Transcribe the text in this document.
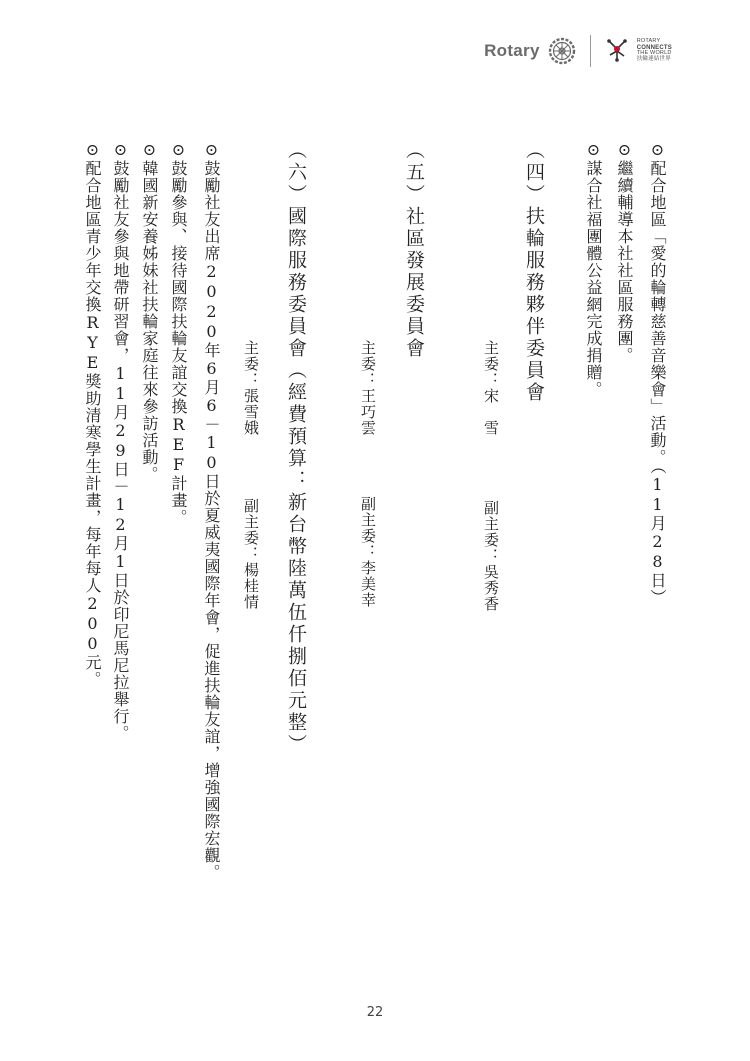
Rotary	ROTARY
CONNECTS
THE WORLD
扶輪連結世界
⊙配合地區「愛的輪轉慈善音樂會」活動。（11月28日）
⊙繼續輔導本社社區服務團。
⊙謀合社福團體公益網完成捐贈。
（四）扶輪服務夥伴委員會
主委：宋　雪
副主委：吳秀香
（五）社區發展委員會
主委：王巧雲
副主委：李美幸
（六）國際服務委員會（經費預算：新台幣陸萬伍仟捌佰元整）
主委：張雪娥
副主委：楊桂情
⊙鼓勵社友出席2020年6月6－10日於夏威夷國際年會，促進扶輪友誼，增強國際宏觀。
⊙鼓勵參與、接待國際扶輪友誼交換REF計畫。
⊙韓國新安養姊妹社扶輪家庭往來參訪活動。
⊙鼓勵社友參與地帶研習會，11月29日－12月1日於印尼馬尼拉舉行。
⊙配合地區青少年交換RYE獎助清寒學生計畫，每年每人200元。
22
